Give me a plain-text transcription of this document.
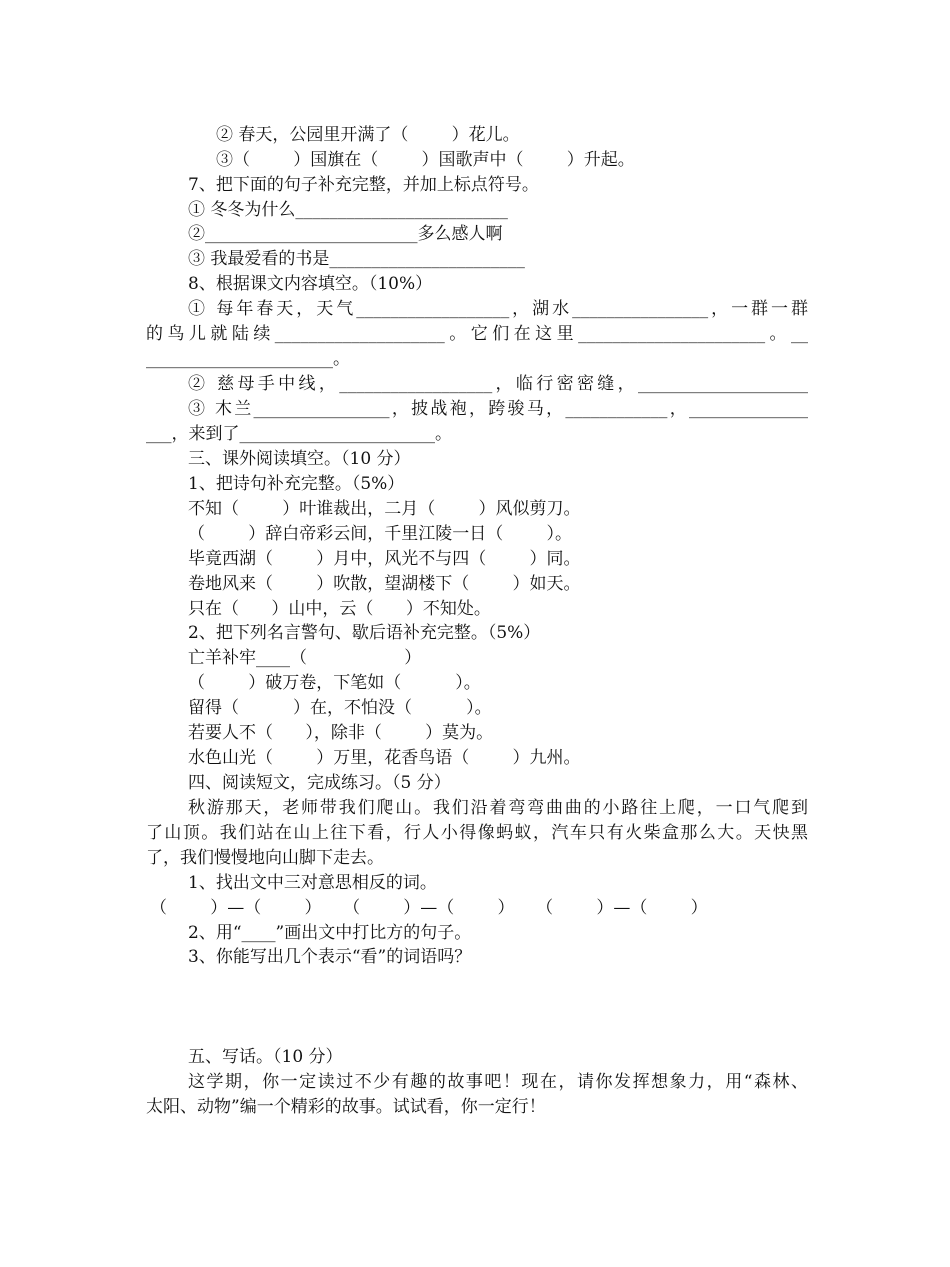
② 春天，公园里开满了（        ）花儿。
③（        ）国旗在（        ）国歌声中（        ）升起。
7、把下面的句子补充完整，并加上标点符号。
① 冬冬为什么_________________________
②_________________________多么感人啊
③ 我最爱看的书是_______________________
8、根据课文内容填空。（10%）
① 每年春天，天气__________________，湖水________________，一群一群
的鸟儿就陆续____________________。它们在这里______________________。__
______________________。
② 慈母手中线，__________________，临行密密缝，____________________
③ 木兰________________，披战袍，跨骏马，____________，______________
___，来到了_______________________。
三、课外阅读填空。（10 分）
1、把诗句补充完整。（5%）
不知（        ）叶谁裁出，二月（        ）风似剪刀。
（        ）辞白帝彩云间，千里江陵一日（        ）。
毕竟西湖（        ）月中，风光不与四（        ）同。
卷地风来（        ）吹散，望湖楼下（        ）如天。
只在（      ）山中，云（      ）不知处。
2、把下列名言警句、歇后语补充完整。（5%）
亡羊补牢____（                  ）
（        ）破万卷，下笔如（          ）。
留得（          ）在，不怕没（          ）。
若要人不（      ），除非（        ）莫为。
水色山光（        ）万里，花香鸟语（        ）九州。
四、阅读短文，完成练习。（5 分）
秋游那天，老师带我们爬山。我们沿着弯弯曲曲的小路往上爬，一口气爬到
了山顶。我们站在山上往下看，行人小得像蚂蚁，汽车只有火柴盒那么大。天快黑
了，我们慢慢地向山脚下走去。
1、找出文中三对意思相反的词。
（        ）—（        ）    （        ）—（        ）    （        ）—（        ）
2、用“____”画出文中打比方的句子。
3、你能写出几个表示“看”的词语吗？
五、写话。（10 分）
这学期，你一定读过不少有趣的故事吧！现在，请你发挥想象力，用“森林、
太阳、动物”编一个精彩的故事。试试看，你一定行！
